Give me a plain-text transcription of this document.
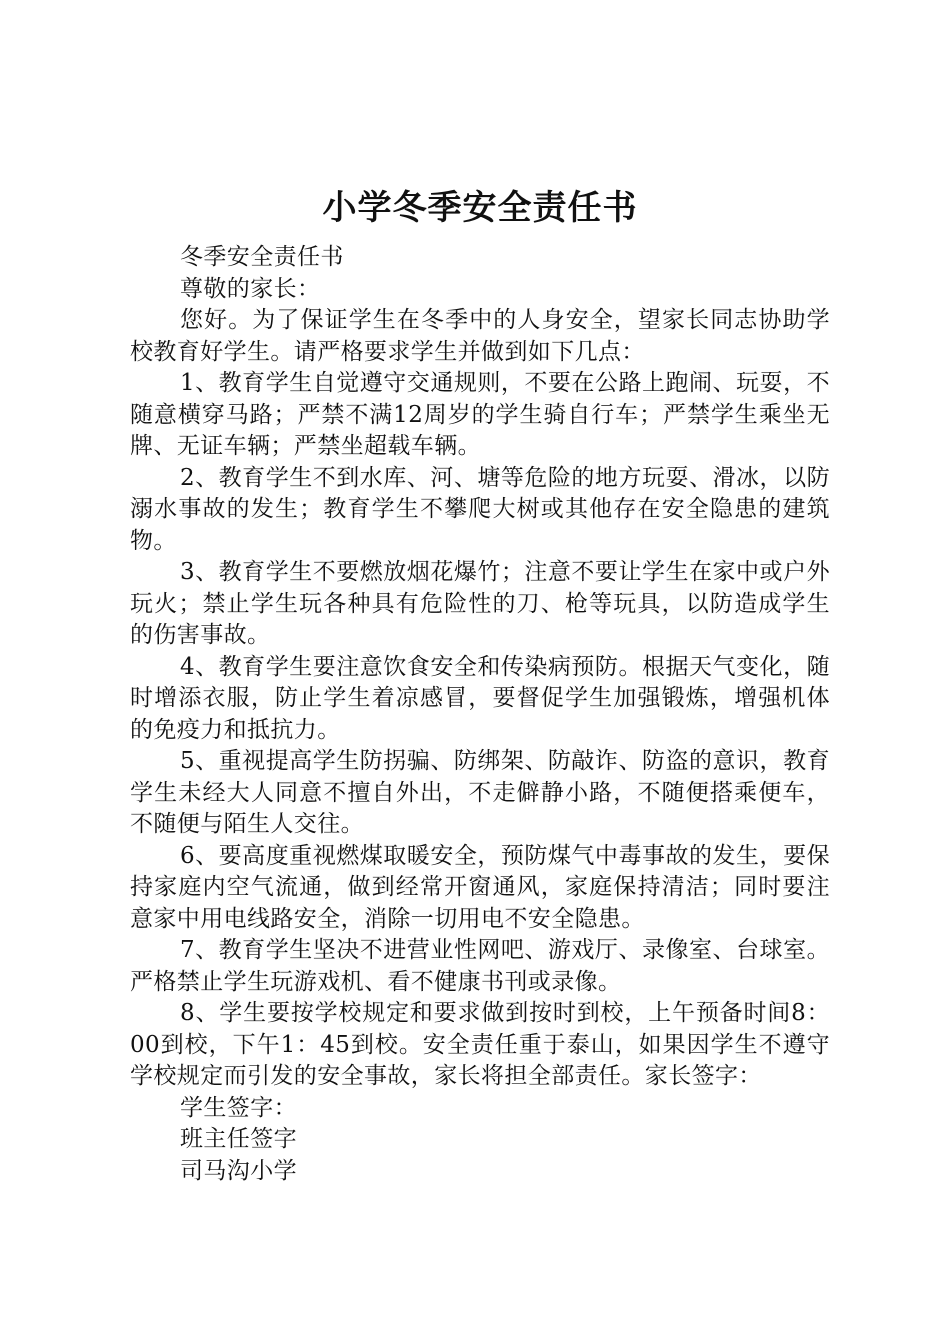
小学冬季安全责任书

冬季安全责任书

尊敬的家长：

您好。为了保证学生在冬季中的人身安全，望家长同志协助学校教育好学生。请严格要求学生并做到如下几点：

1、教育学生自觉遵守交通规则，不要在公路上跑闹、玩耍，不随意横穿马路；严禁不满12周岁的学生骑自行车；严禁学生乘坐无牌、无证车辆；严禁坐超载车辆。

2、教育学生不到水库、河、塘等危险的地方玩耍、滑冰，以防溺水事故的发生；教育学生不攀爬大树或其他存在安全隐患的建筑物。

3、教育学生不要燃放烟花爆竹；注意不要让学生在家中或户外玩火；禁止学生玩各种具有危险性的刀、枪等玩具，以防造成学生的伤害事故。

4、教育学生要注意饮食安全和传染病预防。根据天气变化，随时增添衣服，防止学生着凉感冒，要督促学生加强锻炼，增强机体的免疫力和抵抗力。

5、重视提高学生防拐骗、防绑架、防敲诈、防盗的意识，教育学生未经大人同意不擅自外出，不走僻静小路，不随便搭乘便车，不随便与陌生人交往。

6、要高度重视燃煤取暖安全，预防煤气中毒事故的发生，要保持家庭内空气流通，做到经常开窗通风，家庭保持清洁；同时要注意家中用电线路安全，消除一切用电不安全隐患。

7、教育学生坚决不进营业性网吧、游戏厅、录像室、台球室。严格禁止学生玩游戏机、看不健康书刊或录像。

8、学生要按学校规定和要求做到按时到校，上午预备时间8：00到校，下午1：45到校。安全责任重于泰山，如果因学生不遵守学校规定而引发的安全事故，家长将担全部责任。家长签字：

学生签字：

班主任签字

司马沟小学
